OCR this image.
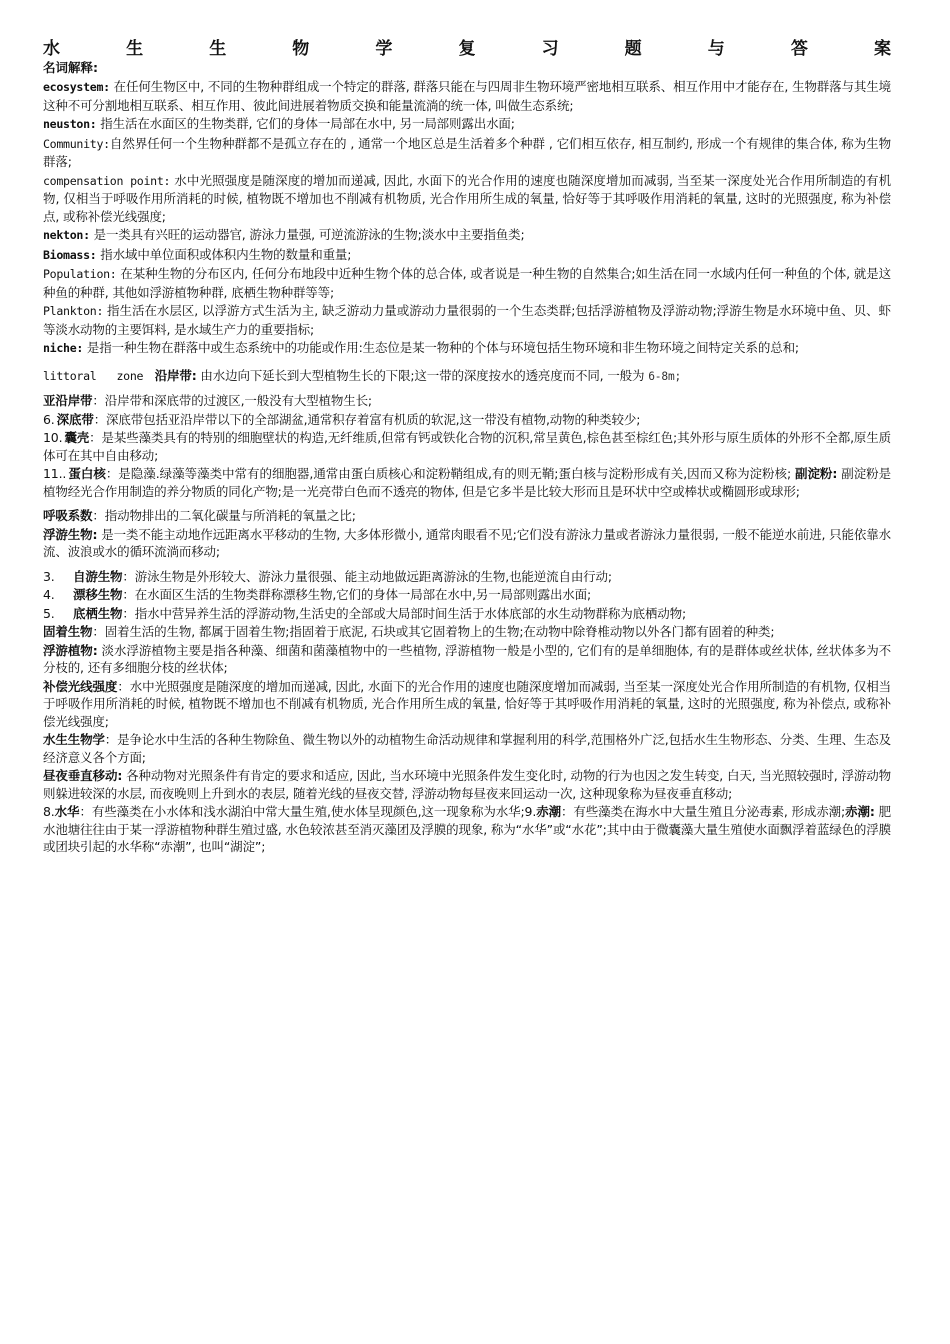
水	生	生	物	学	复	习	题	与	答	案

名词解释:

ecosystem: 在任何生物区中, 不同的生物种群组成一个特定的群落, 群落只能在与四周非生物环境严密地相互联系、相互作用中才能存在, 生物群落与其生境这种不可分割地相互联系、相互作用、彼此间进展着物质交换和能量流淌的统一体, 叫做生态系统;

neuston: 指生活在水面区的生物类群, 它们的身体一局部在水中, 另一局部则露出水面;

Community:自然界任何一个生物种群都不是孤立存在的 , 通常一个地区总是生活着多个种群 , 它们相互依存, 相互制约, 形成一个有规律的集合体, 称为生物群落;

compensation point: 水中光照强度是随深度的增加而递减, 因此, 水面下的光合作用的速度也随深度增加而减弱, 当至某一深度处光合作用所制造的有机物, 仅相当于呼吸作用所消耗的时候, 植物既不增加也不削减有机物质, 光合作用所生成的氧量, 恰好等于其呼吸作用消耗的氧量, 这时的光照强度, 称为补偿点, 或称补偿光线强度;

nekton: 是一类具有兴旺的运动器官, 游泳力量强, 可逆流游泳的生物;淡水中主要指鱼类;

Biomass: 指水域中单位面积或体积内生物的数量和重量;

Population: 在某种生物的分布区内, 任何分布地段中近种生物个体的总合体, 或者说是一种生物的自然集合;如生活在同一水域内任何一种鱼的个体, 就是这种鱼的种群, 其他如浮游植物种群, 底栖生物种群等等;

Plankton: 指生活在水层区, 以浮游方式生活为主, 缺乏游动力量或游动力量很弱的一个生态类群;包括浮游植物及浮游动物;浮游生物是水环境中鱼、贝、虾等淡水动物的主要饵料, 是水域生产力的重要指标;

niche: 是指一种生物在群落中或生态系统中的功能或作用:生态位是某一物种的个体与环境包括生物环境和非生物环境之间特定关系的总和;

littoral   zone 沿岸带: 由水边向下延长到大型植物生长的下限;这一带的深度按水的透亮度而不同, 一般为 6-8m;

亚沿岸带：沿岸带和深底带的过渡区,一般没有大型植物生长;

6. 深底带：深底带包括亚沿岸带以下的全部湖盆,通常积存着富有机质的软泥,这一带没有植物,动物的种类较少;

10. 囊壳：是某些藻类具有的特别的细胞壁状的构造,无纤维质,但常有钙或铁化合物的沉积,常呈黄色,棕色甚至棕红色;其外形与原生质体的外形不全都,原生质体可在其中自由移动;

11.. 蛋白核：是隐藻.绿藻等藻类中常有的细胞器,通常由蛋白质核心和淀粉鞘组成,有的则无鞘;蛋白核与淀粉形成有关,因而又称为淀粉核; 副淀粉: 副淀粉是植物经光合作用制造的养分物质的同化产物;是一光亮带白色而不透亮的物体, 但是它多半是比较大形而且是环状中空或棒状或椭圆形或球形;

呼吸系数：指动物排出的二氧化碳量与所消耗的氧量之比;

浮游生物: 是一类不能主动地作远距离水平移动的生物, 大多体形微小, 通常肉眼看不见;它们没有游泳力量或者游泳力量很弱, 一般不能逆水前进, 只能依靠水流、波浪或水的循环流淌而移动;

3. 自游生物：游泳生物是外形较大、游泳力量很强、能主动地做远距离游泳的生物,也能逆流自由行动;

4. 漂移生物：在水面区生活的生物类群称漂移生物,它们的身体一局部在水中,另一局部则露出水面;

5. 底栖生物：指水中营异养生活的浮游动物,生活史的全部或大局部时间生活于水体底部的水生动物群称为底栖动物;

固着生物：固着生活的生物, 都属于固着生物;指固着于底泥, 石块或其它固着物上的生物;在动物中除脊椎动物以外各门都有固着的种类;

浮游植物: 淡水浮游植物主要是指各种藻、细菌和菌藻植物中的一些植物, 浮游植物一般是小型的, 它们有的是单细胞体, 有的是群体或丝状体, 丝状体多为不分枝的, 还有多细胞分枝的丝状体;

补偿光线强度：水中光照强度是随深度的增加而递减, 因此, 水面下的光合作用的速度也随深度增加而减弱, 当至某一深度处光合作用所制造的有机物, 仅相当于呼吸作用所消耗的时候, 植物既不增加也不削减有机物质, 光合作用所生成的氧量, 恰好等于其呼吸作用消耗的氧量, 这时的光照强度, 称为补偿点, 或称补偿光线强度;

水生生物学：是争论水中生活的各种生物除鱼、微生物以外的动植物生命活动规律和掌握利用的科学,范围格外广泛,包括水生生物形态、分类、生理、生态及经济意义各个方面;

昼夜垂直移动: 各种动物对光照条件有肯定的要求和适应, 因此, 当水环境中光照条件发生变化时, 动物的行为也因之发生转变, 白天, 当光照较强时, 浮游动物则躲进较深的水层, 而夜晚则上升到水的表层, 随着光线的昼夜交替, 浮游动物每昼夜来回运动一次, 这种现象称为昼夜垂直移动;

8.水华：有些藻类在小水体和浅水湖泊中常大量生殖,使水体呈现颜色,这一现象称为水华;9.赤潮：有些藻类在海水中大量生殖且分泌毒素, 形成赤潮;赤潮: 肥水池塘往往由于某一浮游植物种群生殖过盛, 水色较浓甚至消灭藻团及浮膜的现象, 称为“水华”或“水花”;其中由于微囊藻大量生殖使水面飘浮着蓝绿色的浮膜或团块引起的水华称“赤潮”, 也叫“湖淀”;
